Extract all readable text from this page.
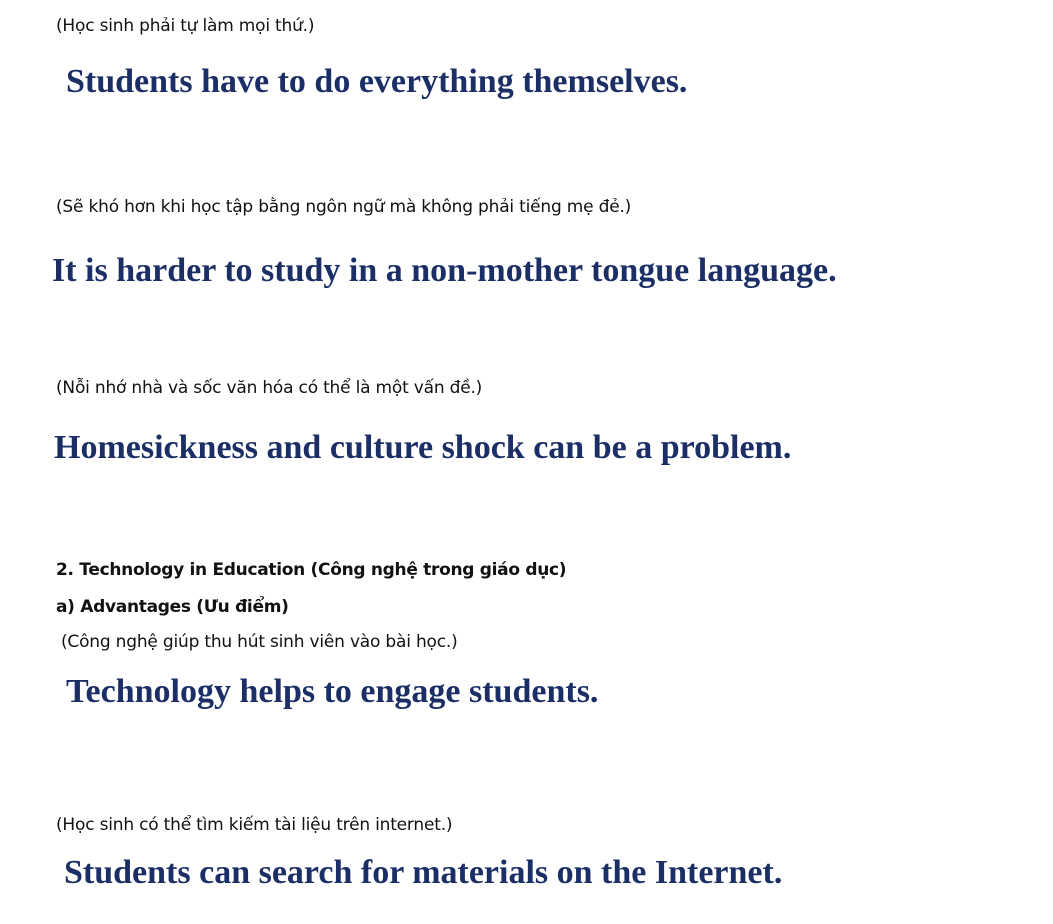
(Học sinh phải tự làm mọi thứ.)
Students have to do everything themselves.
(Sẽ khó hơn khi học tập bằng ngôn ngữ mà không phải tiếng mẹ đẻ.)
It is harder to study in a non-mother tongue language.
(Nỗi nhớ nhà và sốc văn hóa có thể là một vấn đề.)
Homesickness and culture shock can be a problem.
2. Technology in Education (Công nghệ trong giáo dục)
a) Advantages (Ưu điểm)
(Công nghệ giúp thu hút sinh viên vào bài học.)
Technology helps to engage students.
(Học sinh có thể tìm kiếm tài liệu trên internet.)
Students can search for materials on the Internet.
